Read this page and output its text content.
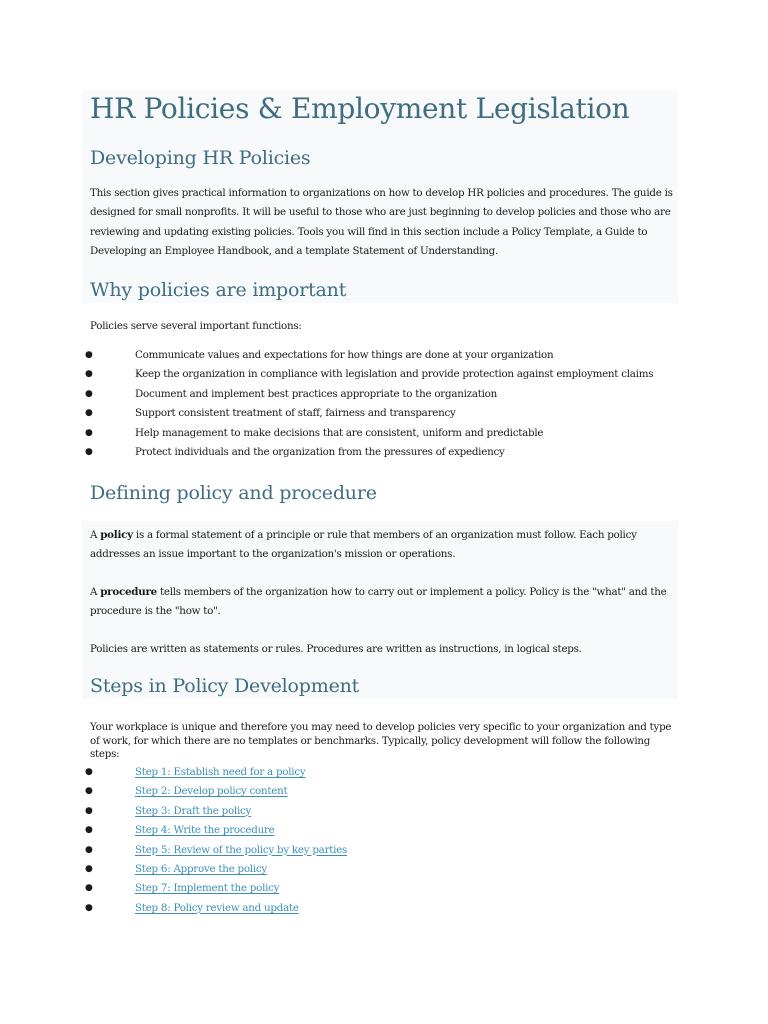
HR Policies & Employment Legislation
Developing HR Policies

This section gives practical information to organizations on how to develop HR policies and procedures. The guide is designed for small nonprofits. It will be useful to those who are just beginning to develop policies and those who are reviewing and updating existing policies. Tools you will find in this section include a Policy Template, a Guide to Developing an Employee Handbook, and a template Statement of Understanding.

Why policies are important

Policies serve several important functions:

●	Communicate values and expectations for how things are done at your organization
●	Keep the organization in compliance with legislation and provide protection against employment claims
●	Document and implement best practices appropriate to the organization
●	Support consistent treatment of staff, fairness and transparency
●	Help management to make decisions that are consistent, uniform and predictable
●	Protect individuals and the organization from the pressures of expediency
Defining policy and procedure

A policy is a formal statement of a principle or rule that members of an organization must follow. Each policy addresses an issue important to the organization's mission or operations.

A procedure tells members of the organization how to carry out or implement a policy. Policy is the "what" and the procedure is the "how to".

Policies are written as statements or rules. Procedures are written as instructions, in logical steps.

Steps in Policy Development

Your workplace is unique and therefore you may need to develop policies very specific to your organization and type of work, for which there are no templates or benchmarks. Typically, policy development will follow the following steps:

●	Step 1: Establish need for a policy
●	Step 2: Develop policy content
●	Step 3: Draft the policy
●	Step 4: Write the procedure
●	Step 5: Review of the policy by key parties
●	Step 6: Approve the policy
●	Step 7: Implement the policy
●	Step 8: Policy review and update
